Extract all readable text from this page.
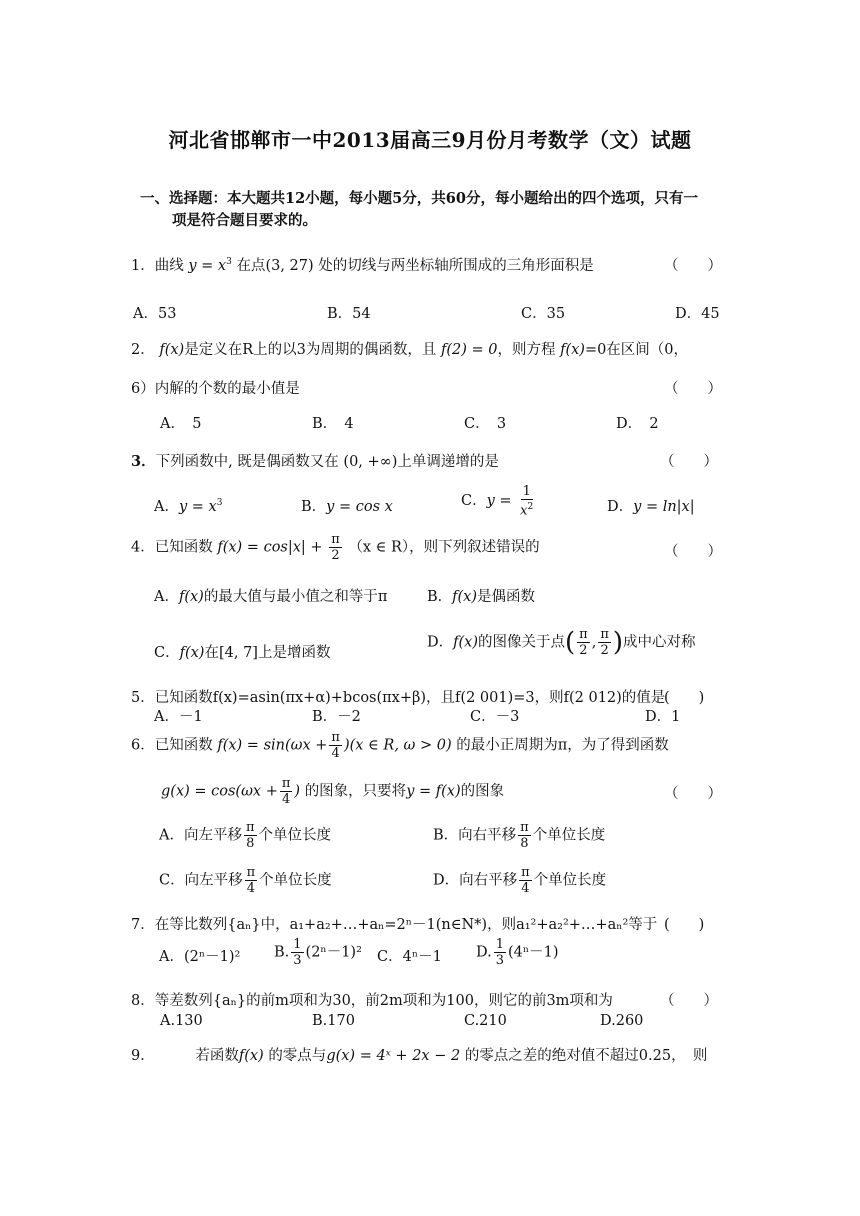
河北省邯郸市一中2013届高三9月份月考数学（文）试题
一、选择题：本大题共12小题，每小题5分，共60分，每小题给出的四个选项，只有一
项是符合题目要求的。
1．曲线 $y = x^3$ 在点(3, 27) 处的切线与两坐标轴所围成的三角形面积是	（　　）
A．53	B．54	C．35	D．45
2． f(x)是定义在R上的以3为周期的偶函数，且 f(2) = 0，则方程 f(x)=0在区间（0，
6）内解的个数的最小值是	（　　）
A．　5	B．　4	C．　3	D．　2
3．下列函数中, 既是偶函数又在 (0, +∞)上单调递增的是	（　　）
A．$y = x^3$	B．y = cos x	C．$y = \frac{1}{x^2}$	D．y = ln|x|
4．已知函数 $f(x) = \cos|x| + \frac{\pi}{2} (x$ ∈ R），则下列叙述错误的	（　　）
A．f(x)的最大值与最小值之和等于π	B．f(x)是偶函数
C．f(x)在[4, 7]上是增函数
D．f(x)的图像关于点( $\frac{\pi}{2}$ , $\frac{\pi}{2}$ )成中心对称
5．已知函数f(x)=asin(πx+α)+bcos(πx+β)，且f(2 001)=3，则f(2 012)的值是
(　　)
A．－1	B．－2	C．－3	D．1
6．已知函数 $f(x) = \sin(\omega x + \frac{\pi}{4} )(x$ ∈ R, ω > 0) 的最小正周期为π，为了得到函数
$g(x) = \cos(\omega x + \frac{\pi}{4}$ ) 的图象，只要将y = f(x)的图象	（　　）
A．向左平移 $\frac{\pi}{8}$ 个单位长度	B．向右平移 $\frac{\pi}{8}$ 个单位长度
C．向左平移 $\frac{\pi}{4}$ 个单位长度	D．向右平移 $\frac{\pi}{4}$ 个单位长度
7．在等比数列{aₙ}中，a₁+a₂+…+aₙ=2ⁿ－1(n∈N*)，则a₁²+a₂²+…+aₙ²等于 (　　)
A．(2ⁿ－1)² B. $\frac{1}{3} (2^n-1)^2$ C．4ⁿ－1 D. $\frac{1}{3} (4^n-1)$
8．等差数列{aₙ}的前m项和为30，前2m项和为100，则它的前3m项和为	（　　）
A.130	B.170	C.210	D.260
9．	若函数f(x) 的零点与g(x) = 4ˣ + 2x − 2 的零点之差的绝对值不超过0.25，　则
